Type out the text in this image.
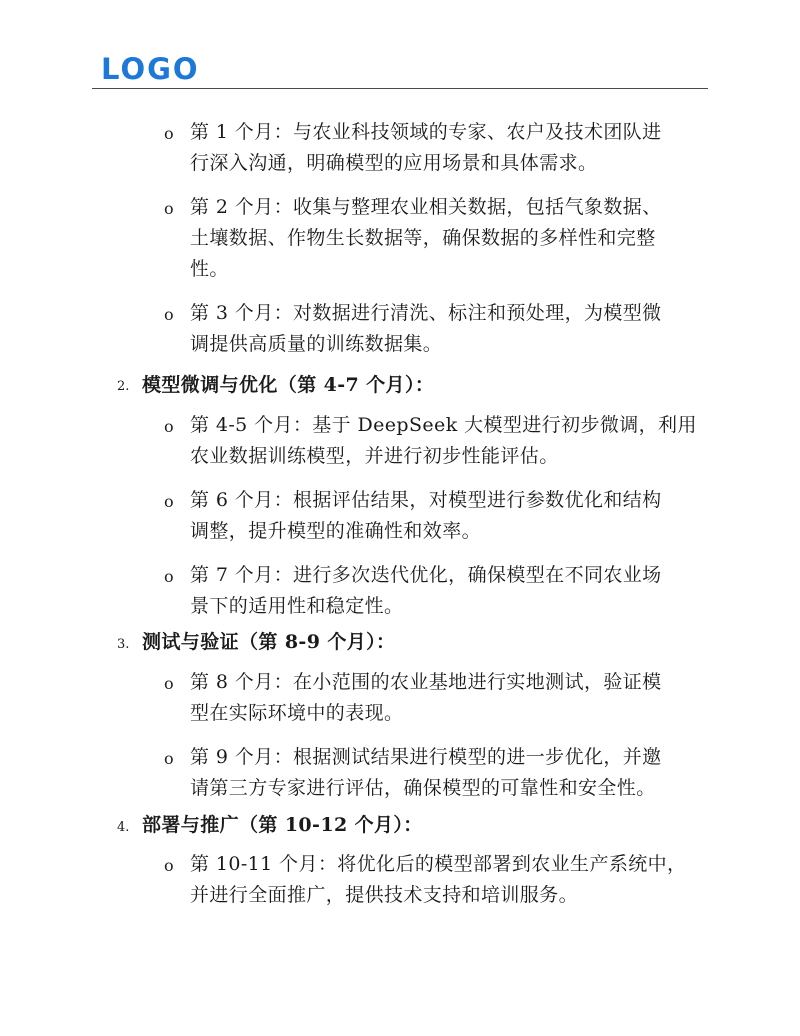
LOGO
o 第 1 个月：与农业科技领域的专家、农户及技术团队进
行深入沟通，明确模型的应用场景和具体需求。
o 第 2 个月：收集与整理农业相关数据，包括气象数据、
土壤数据、作物生长数据等，确保数据的多样性和完整
性。
o 第 3 个月：对数据进行清洗、标注和预处理，为模型微
调提供高质量的训练数据集。
2. 模型微调与优化（第 4-7 个月）：
o 第 4-5 个月：基于 DeepSeek 大模型进行初步微调，利用
农业数据训练模型，并进行初步性能评估。
o 第 6 个月：根据评估结果，对模型进行参数优化和结构
调整，提升模型的准确性和效率。
o 第 7 个月：进行多次迭代优化，确保模型在不同农业场
景下的适用性和稳定性。
3. 测试与验证（第 8-9 个月）：
o 第 8 个月：在小范围的农业基地进行实地测试，验证模
型在实际环境中的表现。
o 第 9 个月：根据测试结果进行模型的进一步优化，并邀
请第三方专家进行评估，确保模型的可靠性和安全性。
4. 部署与推广（第 10-12 个月）：
o 第 10-11 个月：将优化后的模型部署到农业生产系统中，
并进行全面推广，提供技术支持和培训服务。
